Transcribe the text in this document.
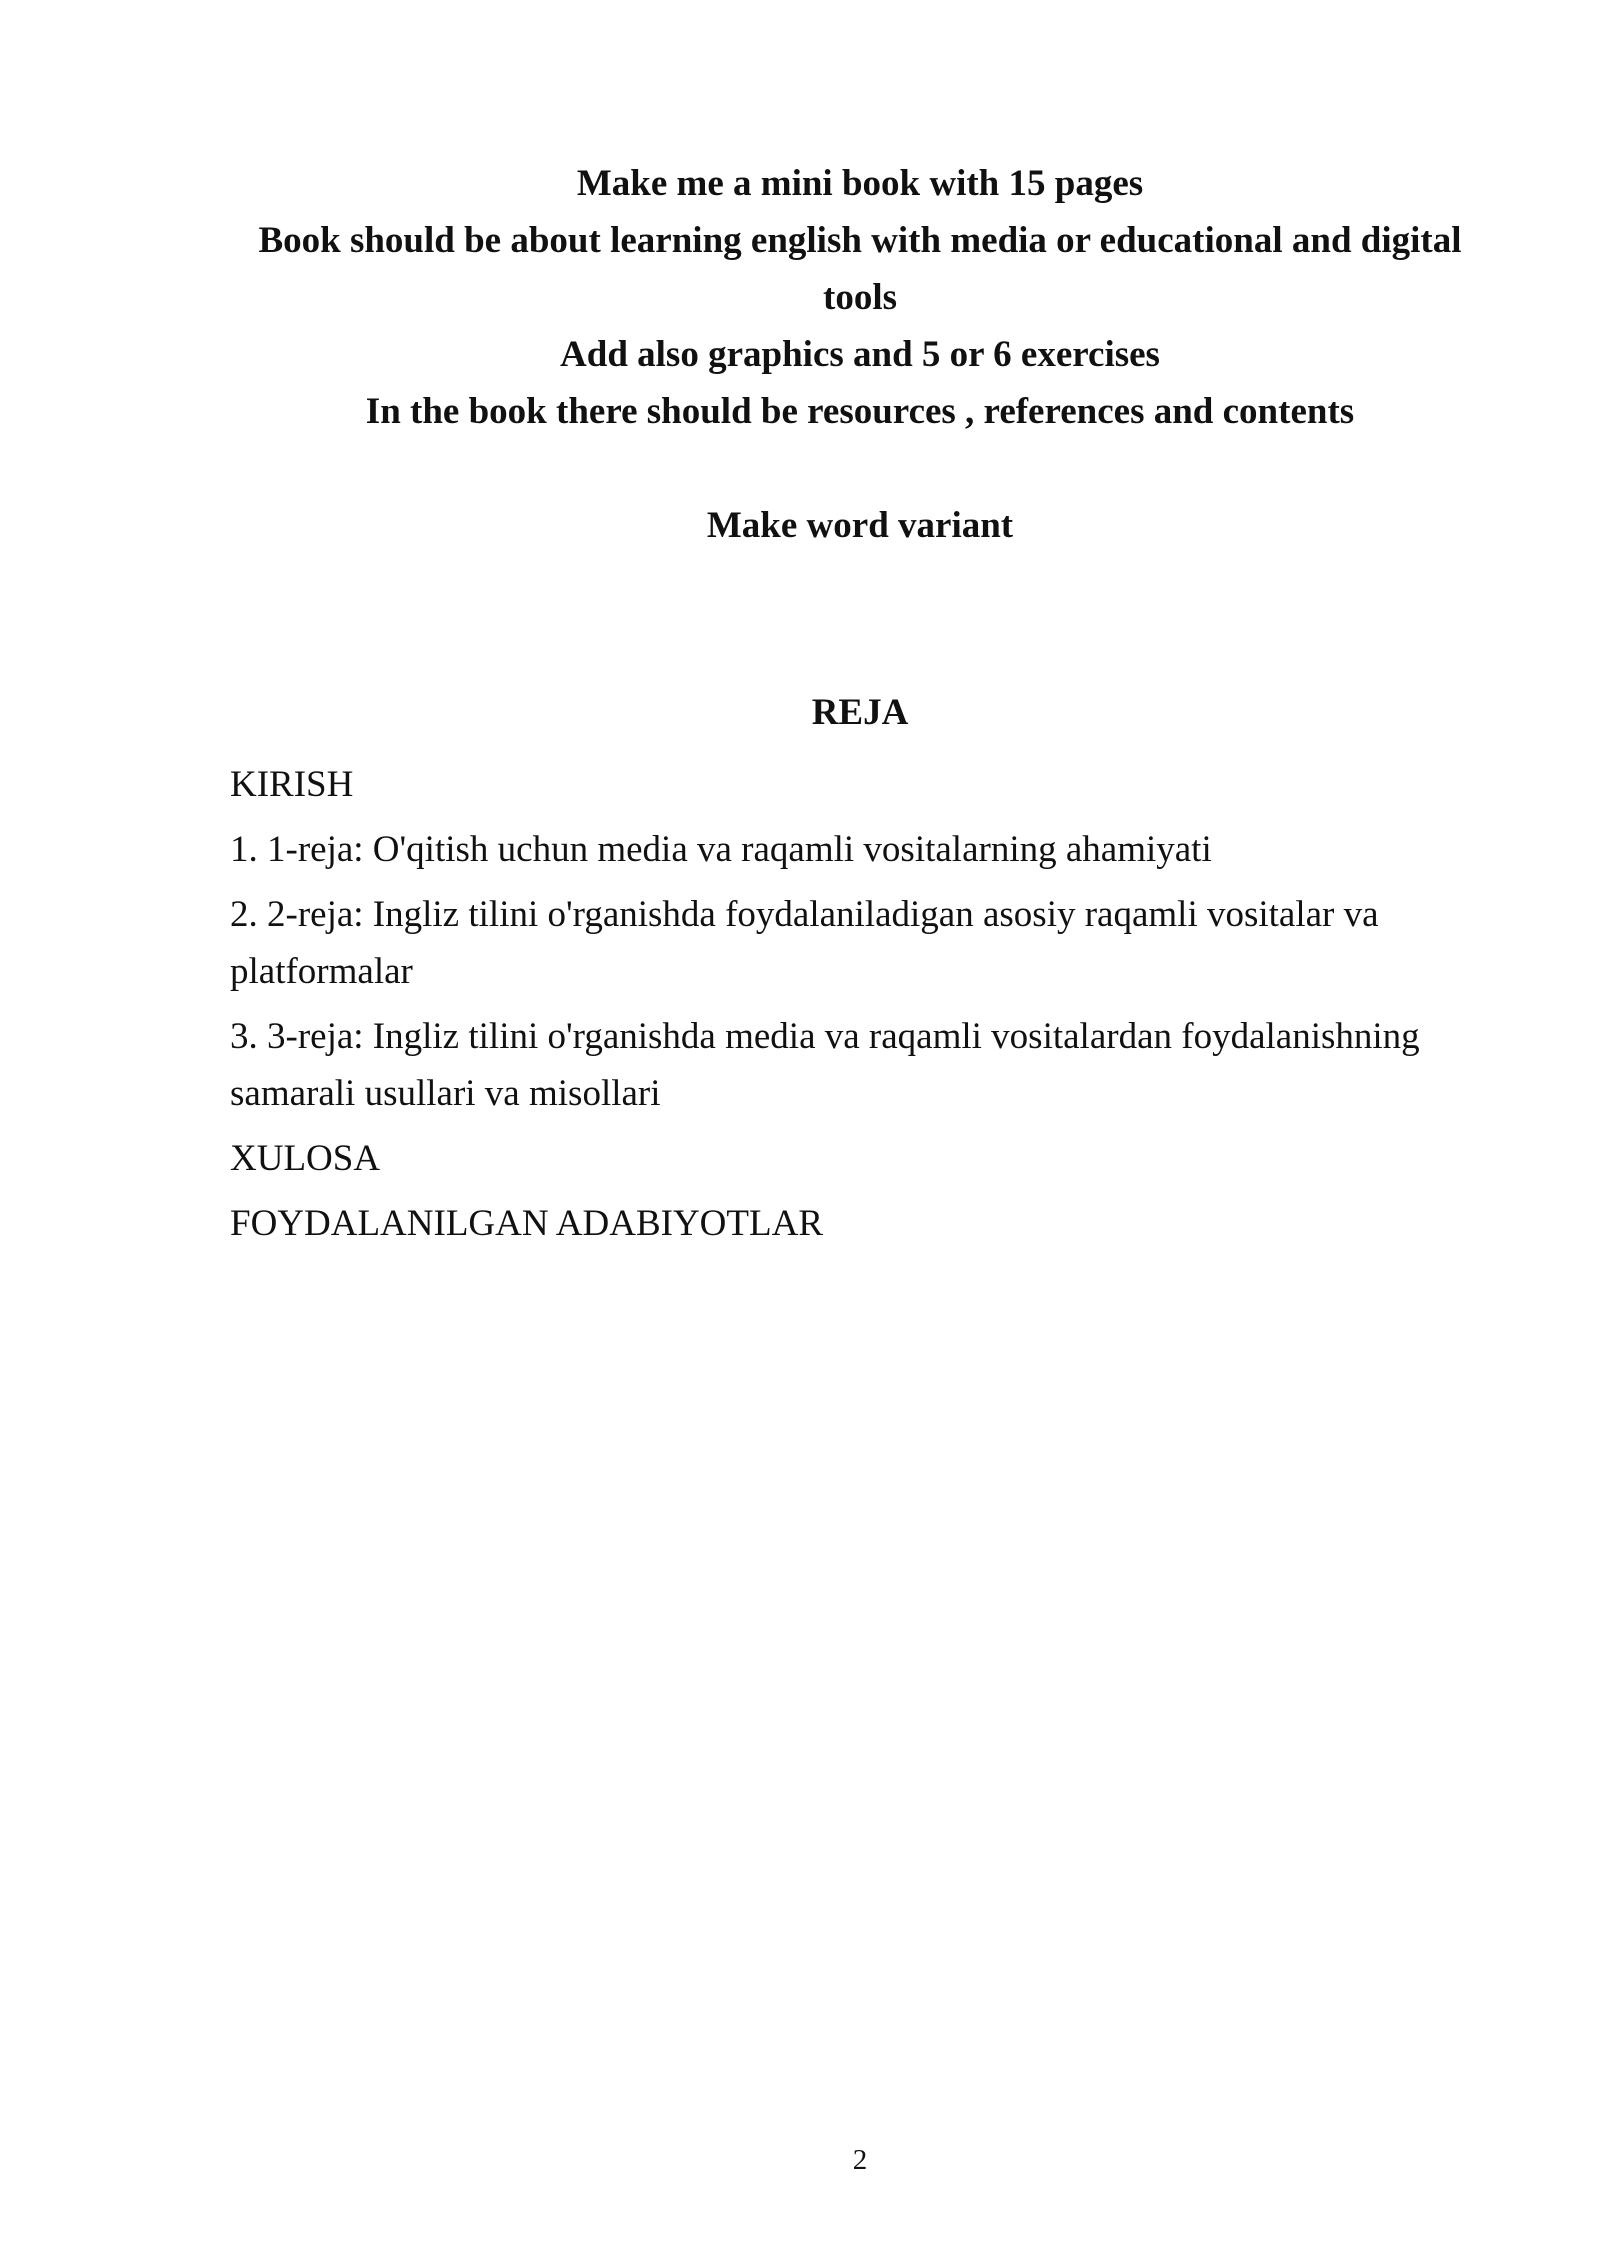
Make me a mini book with 15 pages
Book should be about learning english with media or educational and digital
tools
Add also graphics and 5 or 6 exercises
In the book there should be resources , references and contents
Make word variant
REJA
KIRISH
1. 1-reja: O'qitish uchun media va raqamli vositalarning ahamiyati
2. 2-reja: Ingliz tilini o'rganishda foydalaniladigan asosiy raqamli vositalar va platformalar
3. 3-reja: Ingliz tilini o'rganishda media va raqamli vositalardan foydalanishning samarali usullari va misollari
XULOSA
FOYDALANILGAN ADABIYOTLAR
2
